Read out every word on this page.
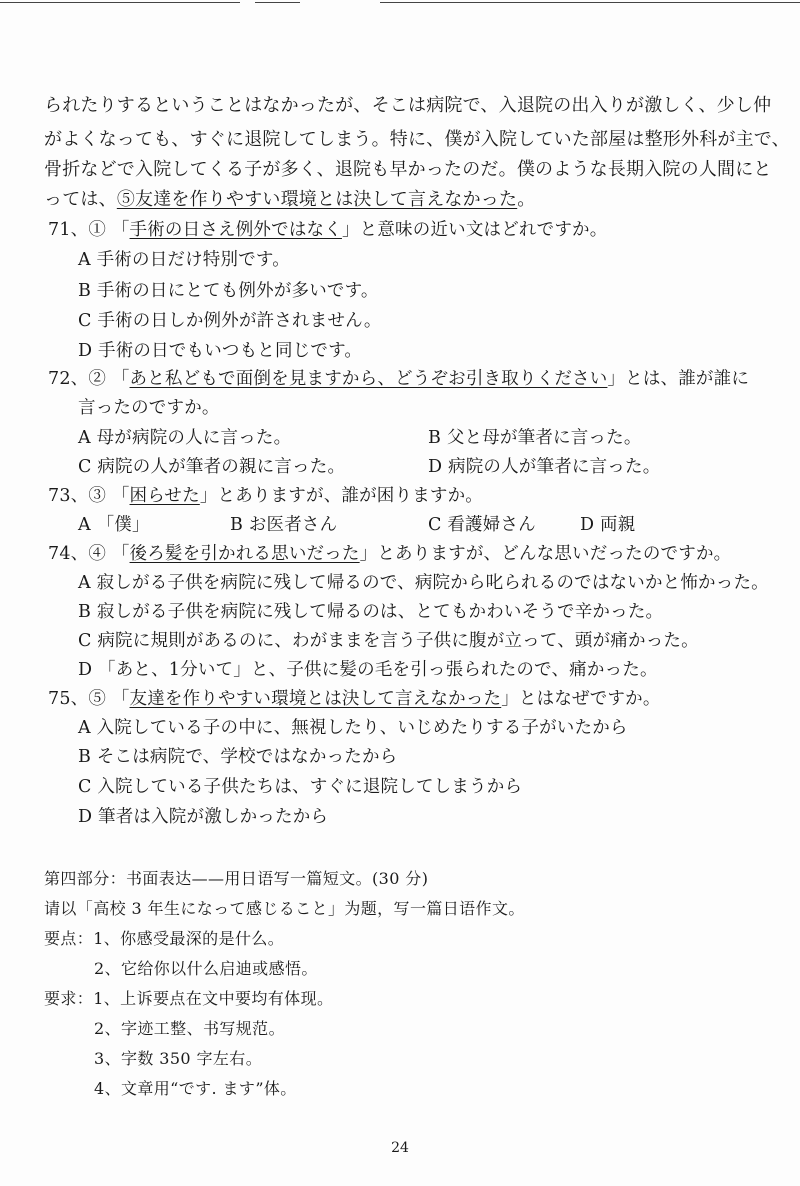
られたりするということはなかったが、そこは病院で、入退院の出入りが激しく、少し仲
がよくなっても、すぐに退院してしまう。特に、僕が入院していた部屋は整形外科が主で、
骨折などで入院してくる子が多く、退院も早かったのだ。僕のような長期入院の人間にと
っては、⑤友達を作りやすい環境とは決して言えなかった。
71、① 「手術の日さえ例外ではなく」と意味の近い文はどれですか。
A 手術の日だけ特別です。
B 手術の日にとても例外が多いです。
C 手術の日しか例外が許されません。
D 手術の日でもいつもと同じです。
72、② 「あと私どもで面倒を見ますから、どうぞお引き取りください」とは、誰が誰に
言ったのですか。
A 母が病院の人に言った。	B 父と母が筆者に言った。
C 病院の人が筆者の親に言った。	D 病院の人が筆者に言った。
73、③ 「困らせた」とありますが、誰が困りますか。
A 「僕」	B お医者さん	C 看護婦さん	D 両親
74、④ 「後ろ髪を引かれる思いだった」とありますが、どんな思いだったのですか。
A 寂しがる子供を病院に残して帰るので、病院から叱られるのではないかと怖かった。
B 寂しがる子供を病院に残して帰るのは、とてもかわいそうで辛かった。
C 病院に規則があるのに、わがままを言う子供に腹が立って、頭が痛かった。
D 「あと、1分いて」と、子供に髪の毛を引っ張られたので、痛かった。
75、⑤ 「友達を作りやすい環境とは決して言えなかった」とはなぜですか。
A 入院している子の中に、無視したり、いじめたりする子がいたから
B そこは病院で、学校ではなかったから
C 入院している子供たちは、すぐに退院してしまうから
D 筆者は入院が激しかったから
第四部分：书面表达——用日语写一篇短文。(30 分)
请以「高校 3 年生になって感じること」为题，写一篇日语作文。
要点：1、你感受最深的是什么。
2、它给你以什么启迪或感悟。
要求：1、上诉要点在文中要均有体现。
2、字迹工整、书写规范。
3、字数 350 字左右。
4、文章用“です. ます”体。
24
